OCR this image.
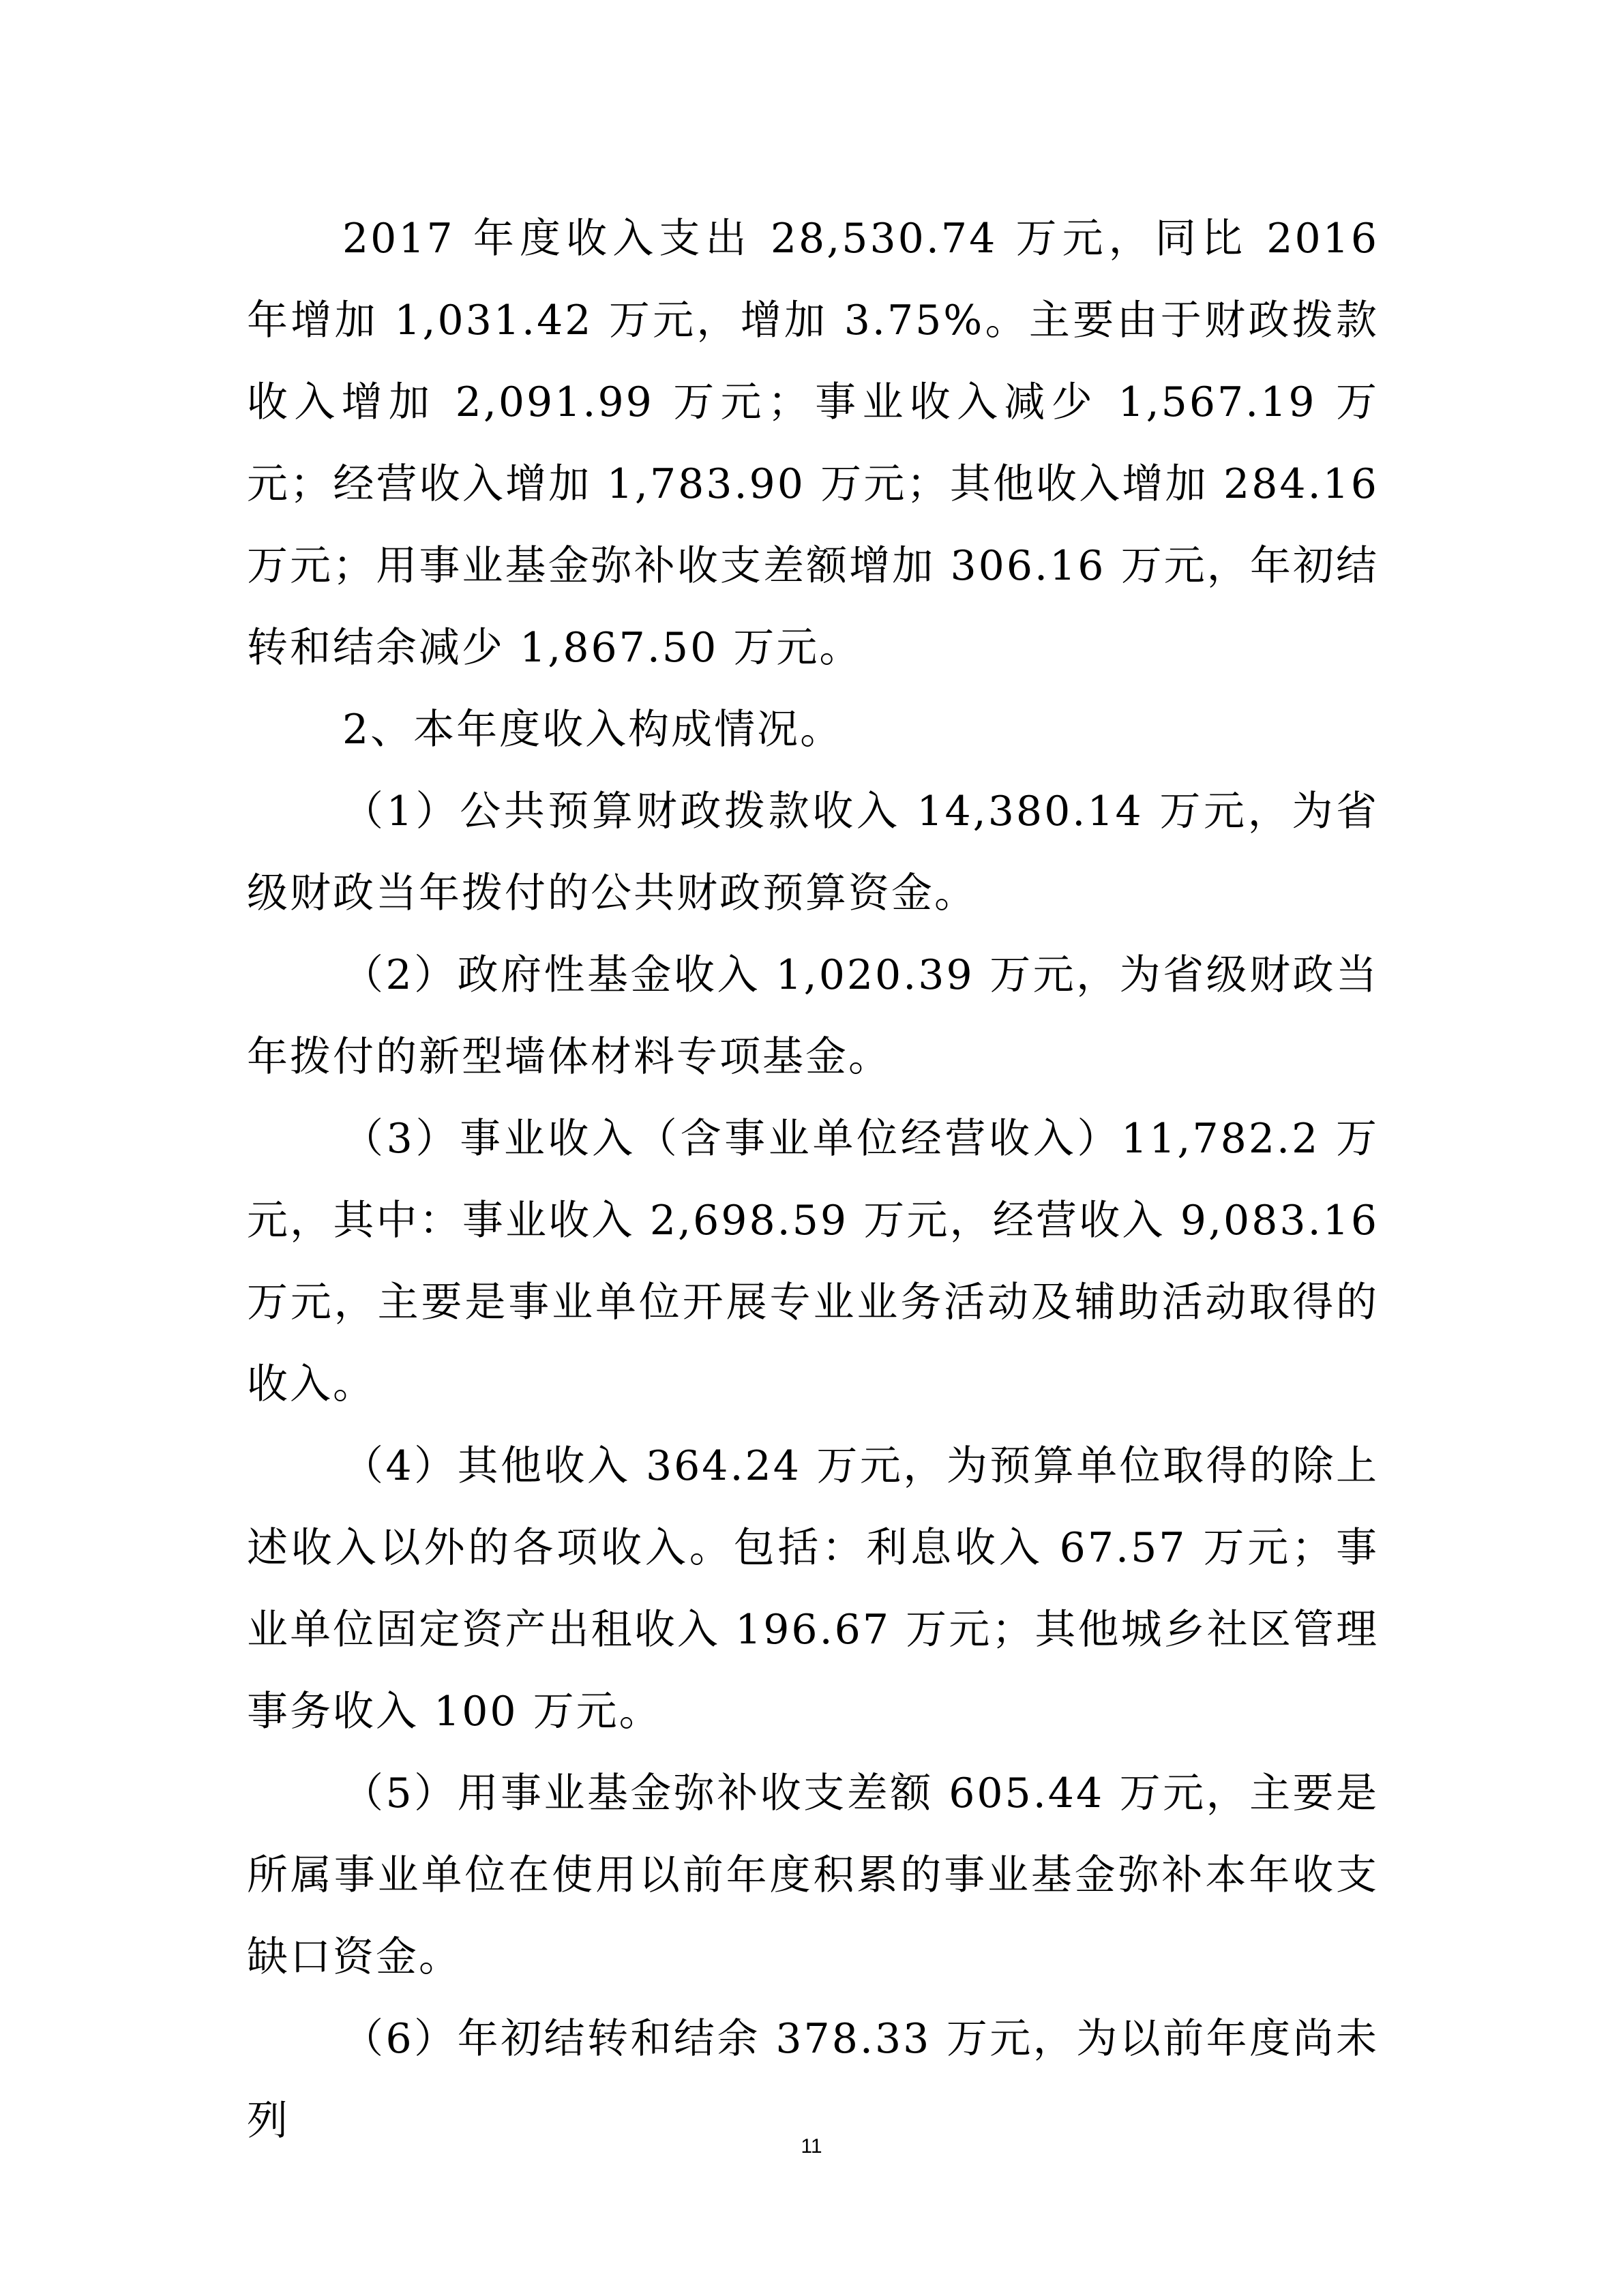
2017 年度收入支出 28,530.74 万元，同比 2016 年增加 1,031.42 万元，增加 3.75%。主要由于财政拨款收入增加 2,091.99 万元；事业收入减少 1,567.19 万元；经营收入增加 1,783.90 万元；其他收入增加 284.16 万元；用事业基金弥补收支差额增加 306.16 万元，年初结转和结余减少 1,867.50 万元。

2、本年度收入构成情况。

（1）公共预算财政拨款收入 14,380.14 万元，为省级财政当年拨付的公共财政预算资金。

（2）政府性基金收入 1,020.39 万元，为省级财政当年拨付的新型墙体材料专项基金。

（3）事业收入（含事业单位经营收入）11,782.2 万元，其中：事业收入 2,698.59 万元，经营收入 9,083.16 万元，主要是事业单位开展专业业务活动及辅助活动取得的收入。

（4）其他收入 364.24 万元，为预算单位取得的除上述收入以外的各项收入。包括：利息收入 67.57 万元；事业单位固定资产出租收入 196.67 万元；其他城乡社区管理事务收入 100 万元。

（5）用事业基金弥补收支差额 605.44 万元，主要是所属事业单位在使用以前年度积累的事业基金弥补本年收支缺口资金。

（6）年初结转和结余 378.33 万元，为以前年度尚未列

11
